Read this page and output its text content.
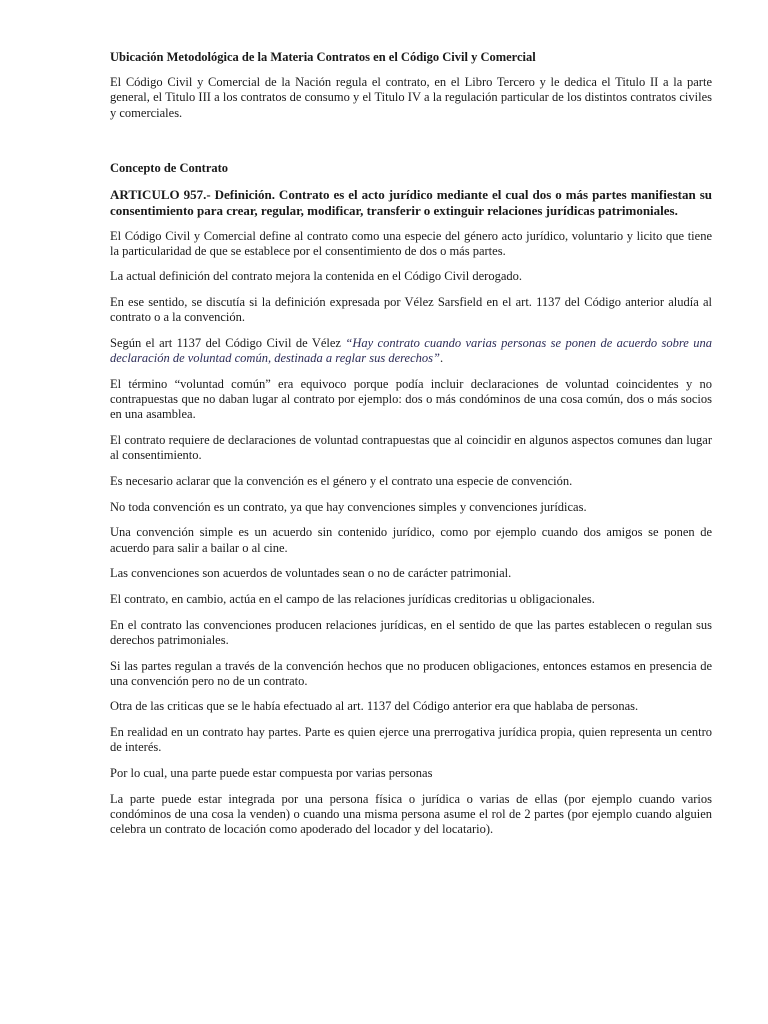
Ubicación Metodológica de la Materia Contratos en el Código Civil y Comercial

El Código Civil y Comercial de la Nación regula el contrato, en el Libro Tercero y le dedica el Titulo II a la parte general, el Titulo III a los contratos de consumo y el Titulo IV a la regulación particular de los distintos contratos civiles y comerciales.

Concepto de Contrato

ARTICULO 957.- Definición. Contrato es el acto jurídico mediante el cual dos o más partes manifiestan su consentimiento para crear, regular, modificar, transferir o extinguir relaciones jurídicas patrimoniales.

El Código Civil y Comercial define al contrato como una especie del género acto jurídico, voluntario y licito que tiene la particularidad de que se establece por el consentimiento de dos o más partes.

La actual definición del contrato mejora la contenida en el Código Civil derogado.

En ese sentido, se discutía si la definición expresada por Vélez Sarsfield en el art. 1137 del Código anterior aludía al contrato o a la convención.

Según el art 1137 del Código Civil de Vélez “Hay contrato cuando varias personas se ponen de acuerdo sobre una declaración de voluntad común, destinada a reglar sus derechos”.

El término “voluntad común” era equivoco porque podía incluir declaraciones de voluntad coincidentes y no contrapuestas que no daban lugar al contrato por ejemplo: dos o más condóminos de una cosa común, dos o más socios en una asamblea.

El contrato requiere de declaraciones de voluntad contrapuestas que al coincidir en algunos aspectos comunes dan lugar al consentimiento.

Es necesario aclarar que la convención es el género y el contrato una especie de convención.

No toda convención es un contrato, ya que hay convenciones simples y convenciones jurídicas.

Una convención simple es un acuerdo sin contenido jurídico, como por ejemplo cuando dos amigos se ponen de acuerdo para salir a bailar o al cine.

Las convenciones son acuerdos de voluntades sean o no de carácter patrimonial.

El contrato, en cambio, actúa en el campo de las relaciones jurídicas creditorias u obligacionales.

En el contrato las convenciones producen relaciones jurídicas, en el sentido de que las partes establecen o regulan sus derechos patrimoniales.

Si las partes regulan a través de la convención hechos que no producen obligaciones, entonces estamos en presencia de una convención pero no de un contrato.

Otra de las criticas que se le había efectuado al art. 1137 del Código anterior era que hablaba de personas.

En realidad en un contrato hay partes. Parte es quien ejerce una prerrogativa jurídica propia, quien representa un centro de interés.

Por lo cual, una parte puede estar compuesta por varias personas

La parte puede estar integrada por una persona física o jurídica o varias de ellas (por ejemplo cuando varios condóminos de una cosa la venden) o cuando una misma persona asume el rol de 2 partes (por ejemplo cuando alguien celebra un contrato de locación como apoderado del locador y del locatario).
